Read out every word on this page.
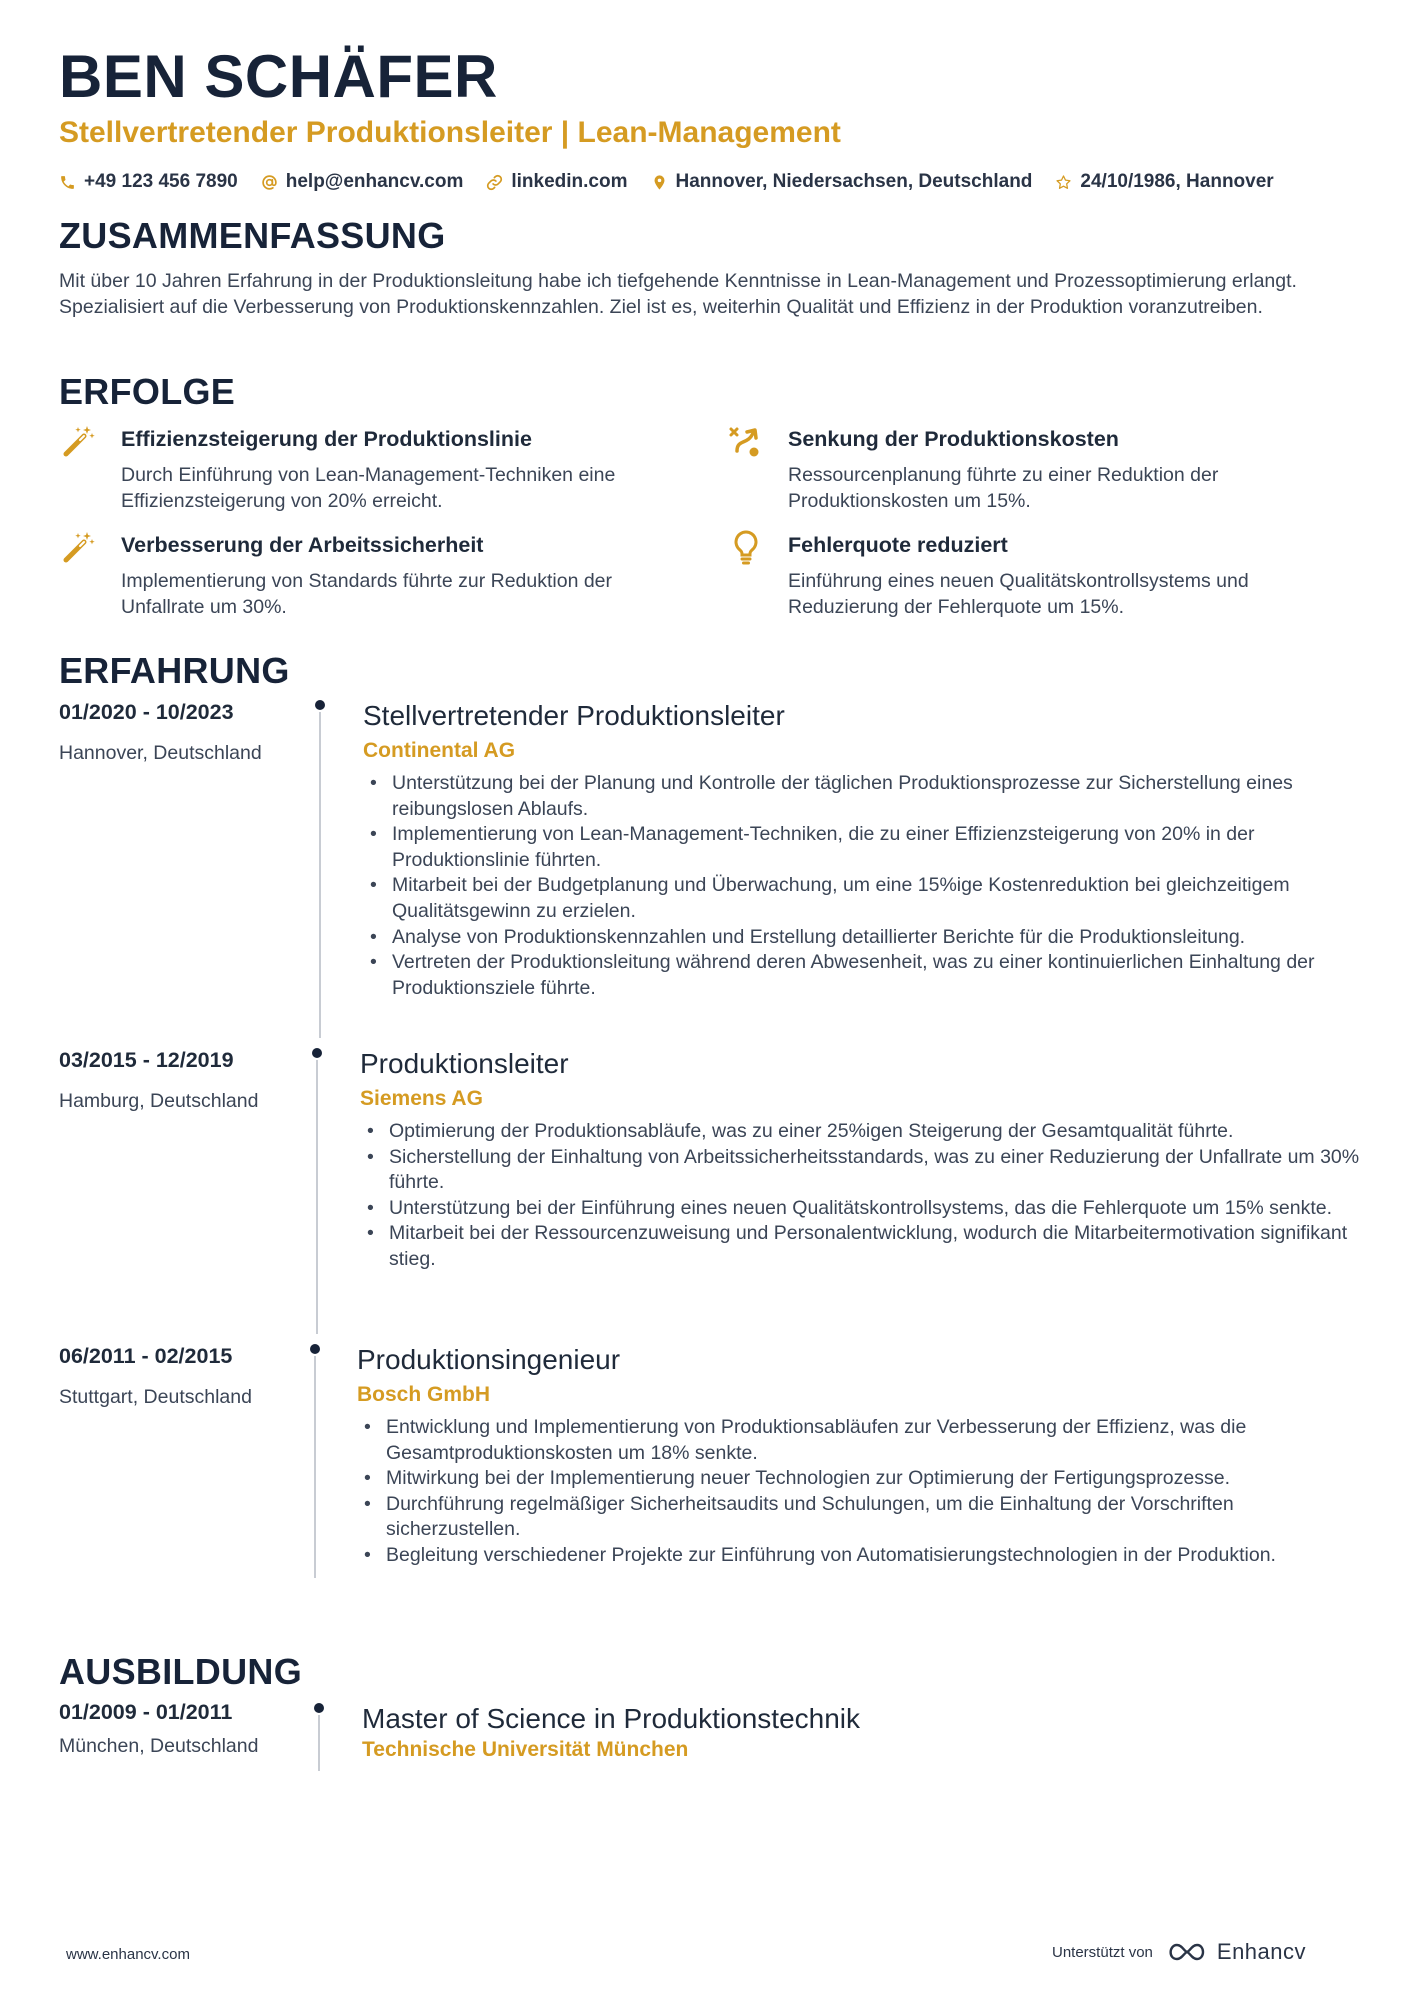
BEN SCHÄFER
Stellvertretender Produktionsleiter | Lean-Management
+49 123 456 7890	help@enhancv.com	linkedin.com	Hannover, Niedersachsen, Deutschland	24/10/1986, Hannover
ZUSAMMENFASSUNG

Mit über 10 Jahren Erfahrung in der Produktionsleitung habe ich tiefgehende Kenntnisse in Lean-Management und Prozessoptimierung erlangt. Spezialisiert auf die Verbesserung von Produktionskennzahlen. Ziel ist es, weiterhin Qualität und Effizienz in der Produktion voranzutreiben.

ERFOLGE
Effizienzsteigerung der Produktionslinie
Durch Einführung von Lean-Management-Techniken eine Effizienzsteigerung von 20% erreicht.
Senkung der Produktionskosten
Ressourcenplanung führte zu einer Reduktion der Produktionskosten um 15%.
Verbesserung der Arbeitssicherheit
Implementierung von Standards führte zur Reduktion der Unfallrate um 30%.
Fehlerquote reduziert
Einführung eines neuen Qualitätskontrollsystems und Reduzierung der Fehlerquote um 15%.
ERFAHRUNG
01/2020 - 10/2023
Hannover, Deutschland
Stellvertretender Produktionsleiter
Continental AG
• Unterstützung bei der Planung und Kontrolle der täglichen Produktionsprozesse zur Sicherstellung eines reibungslosen Ablaufs.
• Implementierung von Lean-Management-Techniken, die zu einer Effizienzsteigerung von 20% in der Produktionslinie führten.
• Mitarbeit bei der Budgetplanung und Überwachung, um eine 15%ige Kostenreduktion bei gleichzeitigem Qualitätsgewinn zu erzielen.
• Analyse von Produktionskennzahlen und Erstellung detaillierter Berichte für die Produktionsleitung.
• Vertreten der Produktionsleitung während deren Abwesenheit, was zu einer kontinuierlichen Einhaltung der Produktionsziele führte.
03/2015 - 12/2019
Hamburg, Deutschland
Produktionsleiter
Siemens AG
• Optimierung der Produktionsabläufe, was zu einer 25%igen Steigerung der Gesamtqualität führte.
• Sicherstellung der Einhaltung von Arbeitssicherheitsstandards, was zu einer Reduzierung der Unfallrate um 30% führte.
• Unterstützung bei der Einführung eines neuen Qualitätskontrollsystems, das die Fehlerquote um 15% senkte.
• Mitarbeit bei der Ressourcenzuweisung und Personalentwicklung, wodurch die Mitarbeitermotivation signifikant stieg.
06/2011 - 02/2015
Stuttgart, Deutschland
Produktionsingenieur
Bosch GmbH
• Entwicklung und Implementierung von Produktionsabläufen zur Verbesserung der Effizienz, was die Gesamtproduktionskosten um 18% senkte.
• Mitwirkung bei der Implementierung neuer Technologien zur Optimierung der Fertigungsprozesse.
• Durchführung regelmäßiger Sicherheitsaudits und Schulungen, um die Einhaltung der Vorschriften sicherzustellen.
• Begleitung verschiedener Projekte zur Einführung von Automatisierungstechnologien in der Produktion.
AUSBILDUNG
01/2009 - 01/2011
München, Deutschland
Master of Science in Produktionstechnik
Technische Universität München
www.enhancv.com	Unterstützt von	Enhancv
